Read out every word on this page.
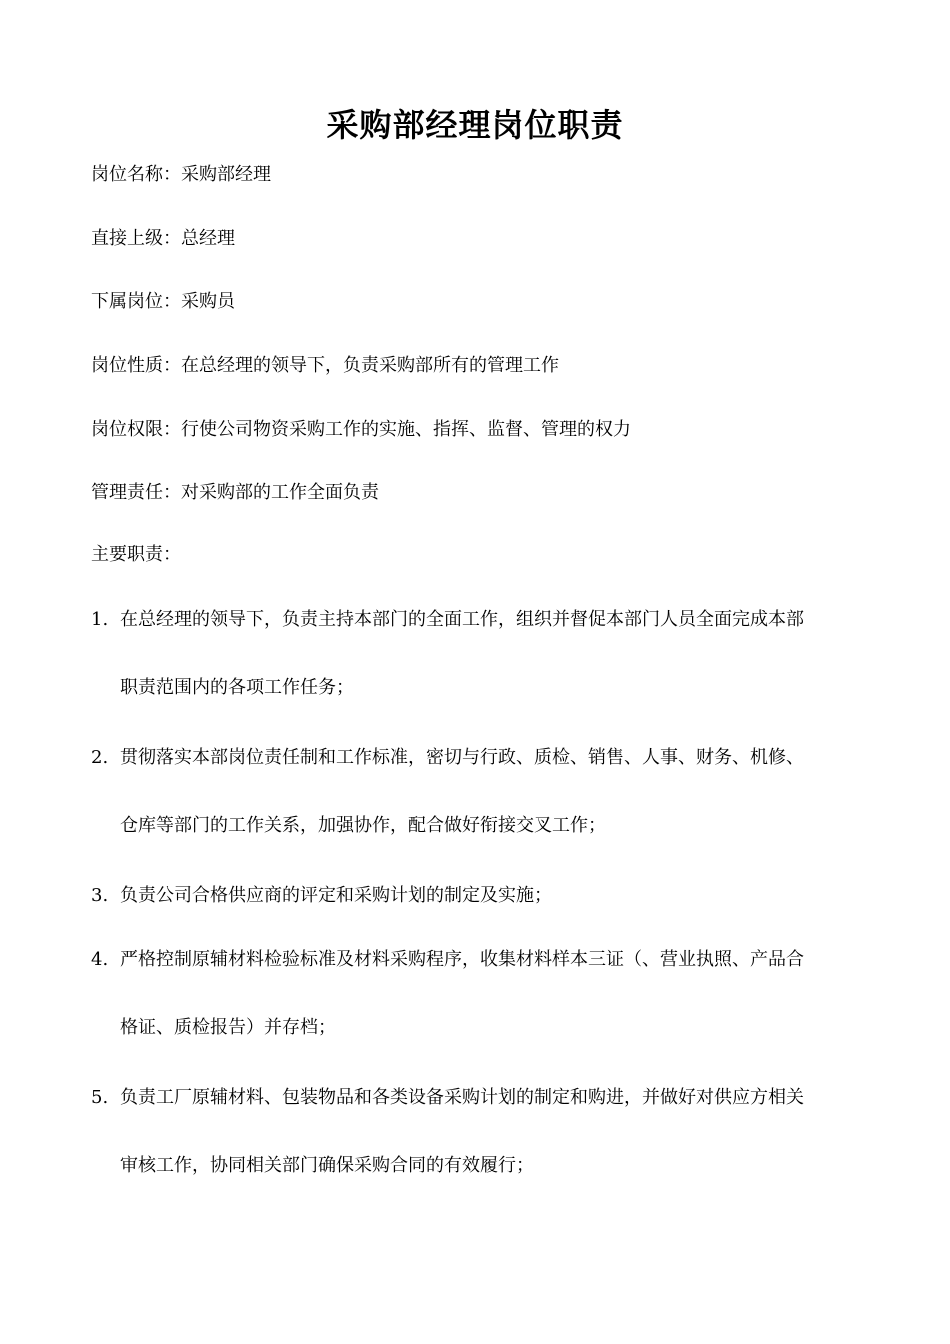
采购部经理岗位职责
岗位名称：采购部经理
直接上级：总经理
下属岗位：采购员
岗位性质：在总经理的领导下，负责采购部所有的管理工作
岗位权限：行使公司物资采购工作的实施、指挥、监督、管理的权力
管理责任：对采购部的工作全面负责
主要职责：
1. 在总经理的领导下，负责主持本部门的全面工作，组织并督促本部门人员全面完成本部
职责范围内的各项工作任务；
2. 贯彻落实本部岗位责任制和工作标准，密切与行政、质检、销售、人事、财务、机修、
仓库等部门的工作关系，加强协作，配合做好衔接交叉工作；
3. 负责公司合格供应商的评定和采购计划的制定及实施；
4. 严格控制原辅材料检验标准及材料采购程序，收集材料样本三证（、营业执照、产品合
格证、质检报告）并存档；
5. 负责工厂原辅材料、包装物品和各类设备采购计划的制定和购进，并做好对供应方相关
审核工作，协同相关部门确保采购合同的有效履行；
